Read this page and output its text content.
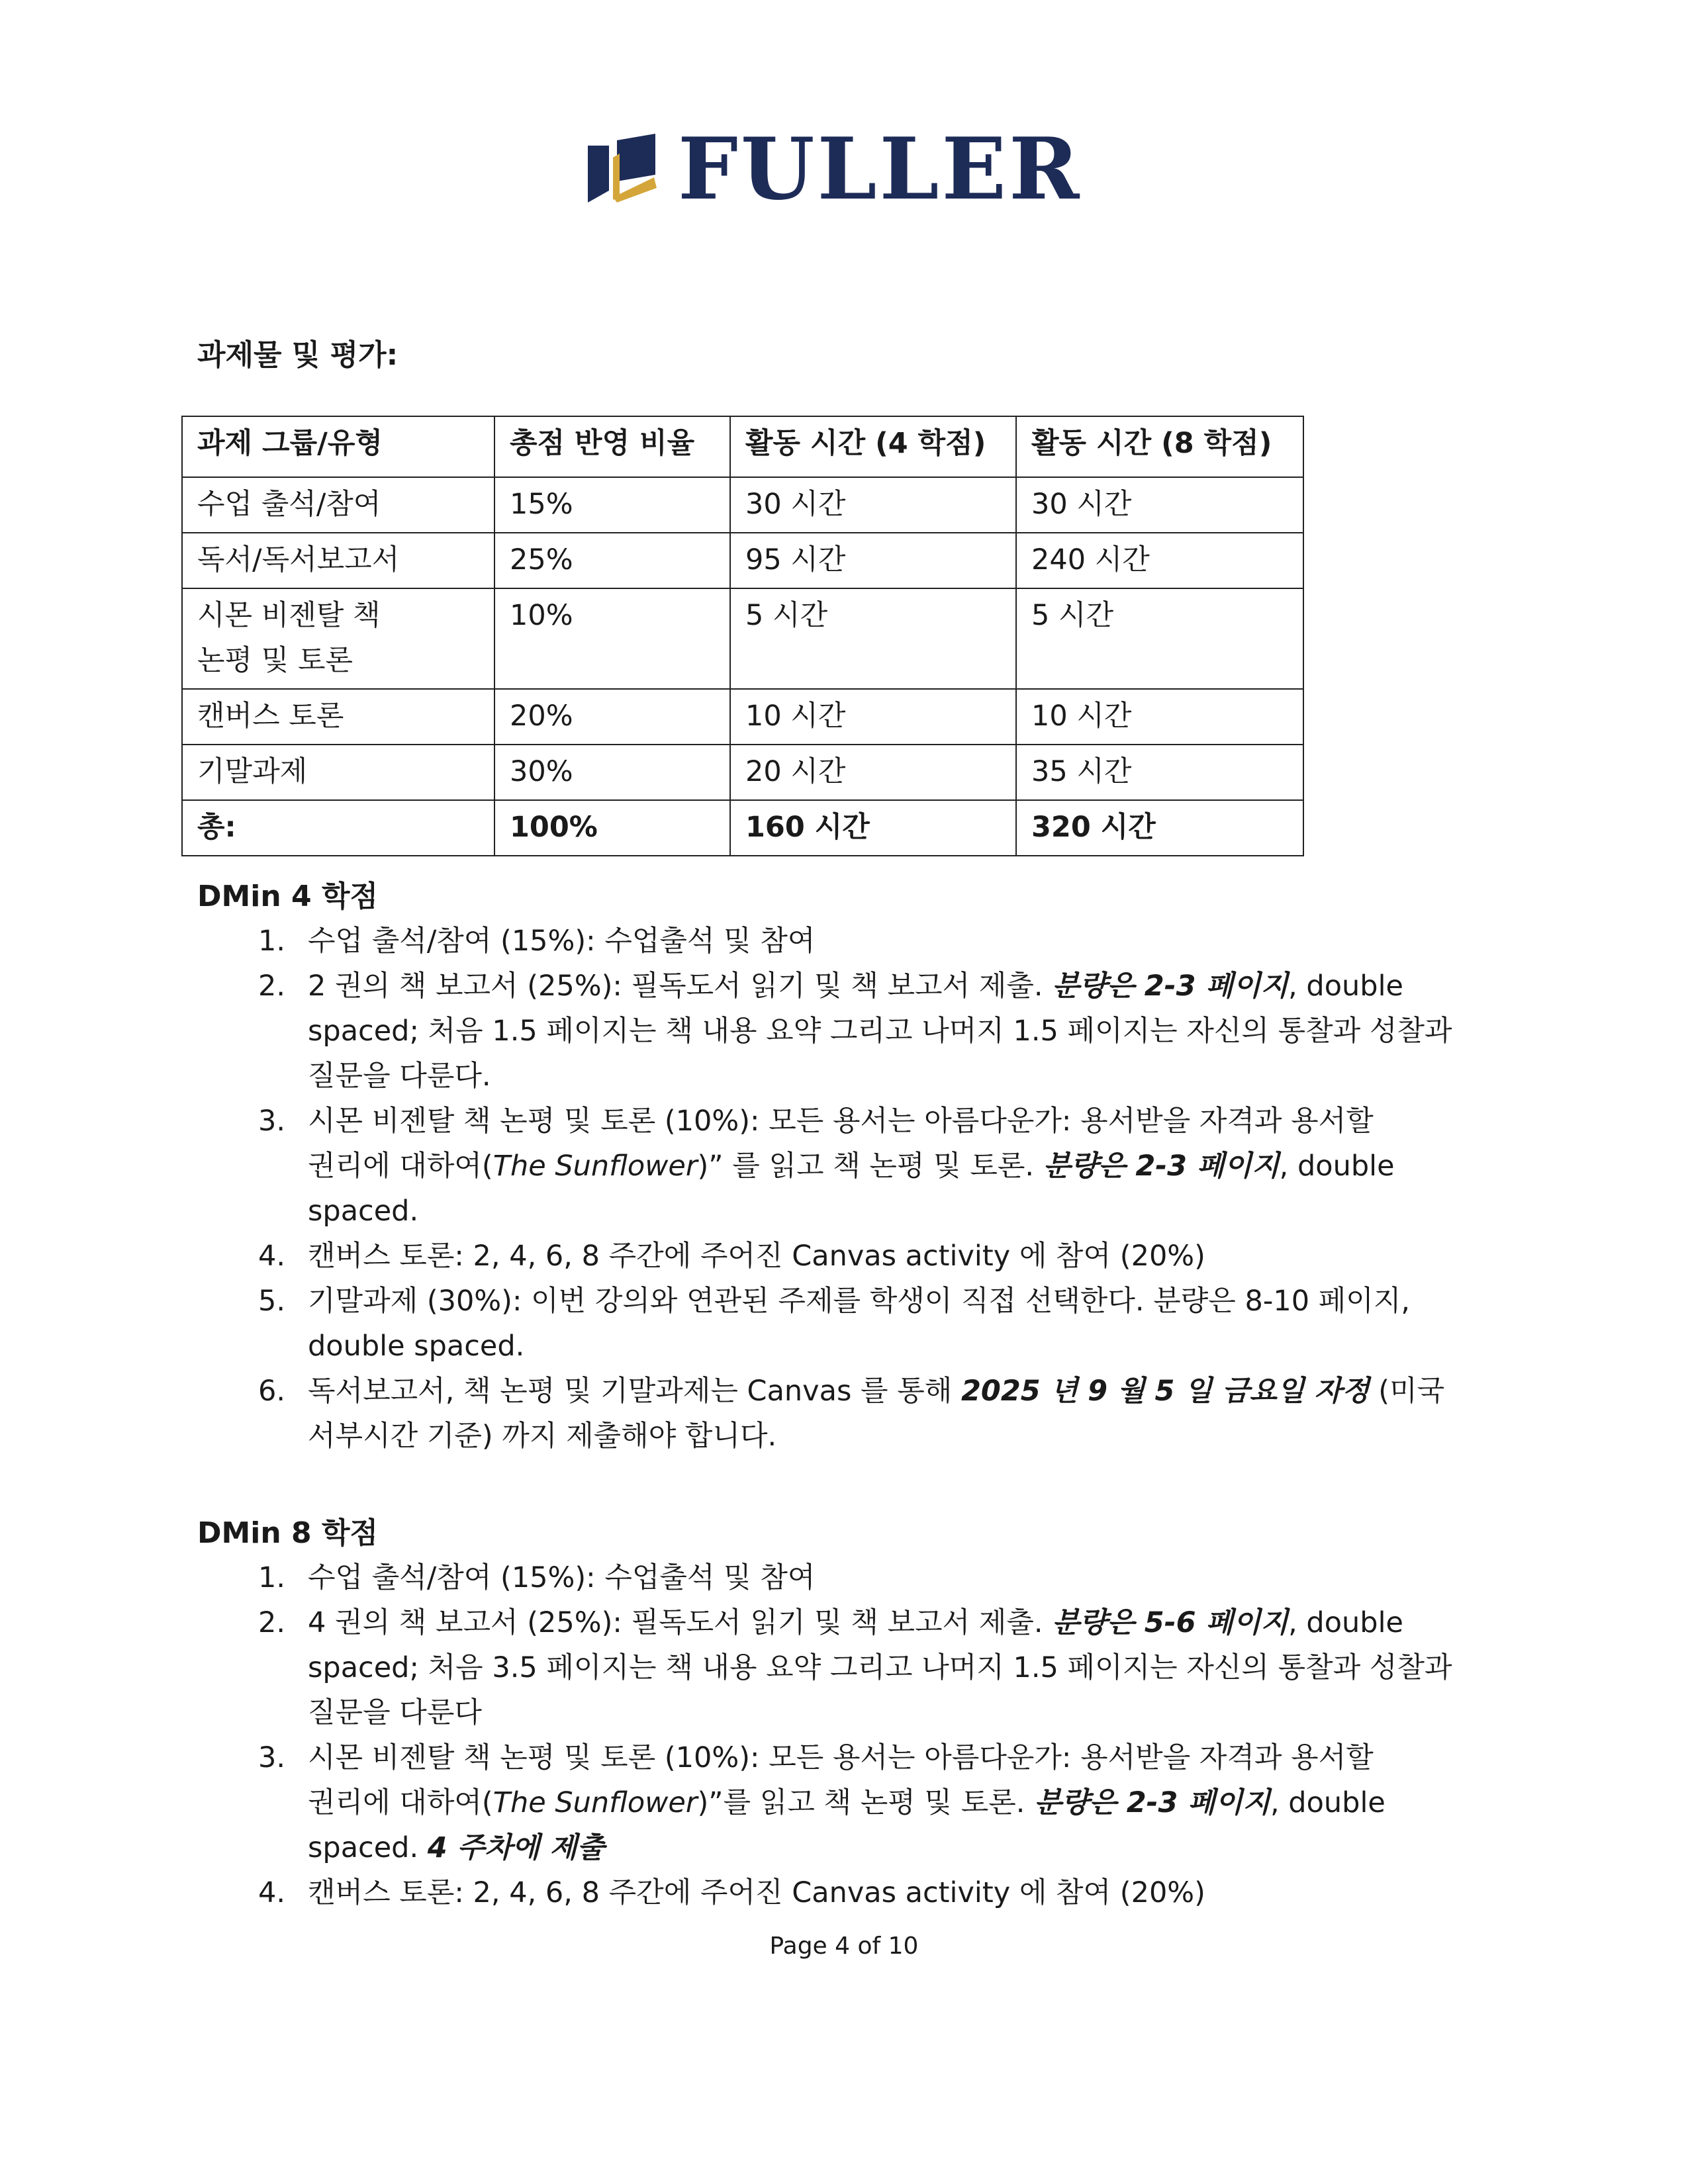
FULLER
과제물 및 평가:
과제 그룹/유형	총점 반영 비율	활동 시간 (4 학점)	활동 시간 (8 학점)
수업 출석/참여	15%	30 시간	30 시간
독서/독서보고서	25%	95 시간	240 시간
시몬 비젠탈 책
논평 및 토론	10%	5 시간	5 시간
캔버스 토론	20%	10 시간	10 시간
기말과제	30%	20 시간	35 시간
총:	100%	160 시간	320 시간
DMin 4 학점
1. 수업 출석/참여 (15%): 수업출석 및 참여
2. 2 권의 책 보고서 (25%): 필독도서 읽기 및 책 보고서 제출. 분량은 2-3 페이지, double
spaced; 처음 1.5 페이지는 책 내용 요약 그리고 나머지 1.5 페이지는 자신의 통찰과 성찰과
질문을 다룬다.
3. 시몬 비젠탈 책 논평 및 토론 (10%): 모든 용서는 아름다운가: 용서받을 자격과 용서할
권리에 대하여(The Sunflower)” 를 읽고 책 논평 및 토론. 분량은 2-3 페이지, double
spaced.
4. 캔버스 토론: 2, 4, 6, 8 주간에 주어진 Canvas activity 에 참여 (20%)
5. 기말과제 (30%): 이번 강의와 연관된 주제를 학생이 직접 선택한다. 분량은 8-10 페이지,
double spaced.
6. 독서보고서, 책 논평 및 기말과제는 Canvas 를 통해 2025 년 9 월 5 일 금요일 자정 (미국
서부시간 기준) 까지 제출해야 합니다.
DMin 8 학점
1. 수업 출석/참여 (15%): 수업출석 및 참여
2. 4 권의 책 보고서 (25%): 필독도서 읽기 및 책 보고서 제출. 분량은 5-6 페이지, double
spaced; 처음 3.5 페이지는 책 내용 요약 그리고 나머지 1.5 페이지는 자신의 통찰과 성찰과
질문을 다룬다
3. 시몬 비젠탈 책 논평 및 토론 (10%): 모든 용서는 아름다운가: 용서받을 자격과 용서할
권리에 대하여(The Sunflower)”를 읽고 책 논평 및 토론. 분량은 2-3 페이지, double
spaced. 4 주차에 제출
4. 캔버스 토론: 2, 4, 6, 8 주간에 주어진 Canvas activity 에 참여 (20%)
Page 4 of 10
